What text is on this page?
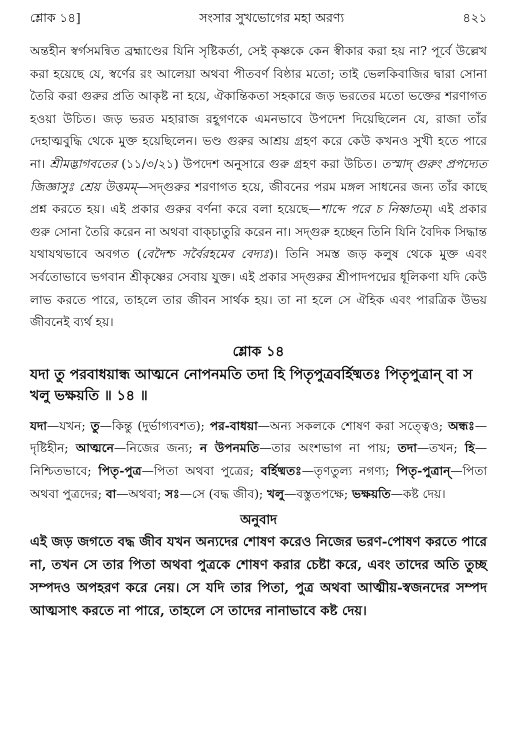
শ্লোক ১৪]	সংসার সুখভোগের মহা অরণ্য	৪২১

অন্তহীন স্বর্গসমন্বিত ব্রহ্মাণ্ডের যিনি সৃষ্টিকর্তা, সেই কৃষ্ণকে কেন স্বীকার করা হয় না? পূর্বে উল্লেখ করা হয়েছে যে, স্বর্ণের রং আলেয়া অথবা পীতবর্ণ বিষ্ঠার মতো; তাই ভেলকিবাজির দ্বারা সোনা তৈরি করা গুরুর প্রতি আকৃষ্ট না হয়ে, ঐকান্তিকতা সহকারে জড় ভরতের মতো ভক্তের শরণাগত হওয়া উচিত। জড় ভরত মহারাজ রহূগণকে এমনভাবে উপদেশ দিয়েছিলেন যে, রাজা তাঁর দেহাত্মবুদ্ধি থেকে মুক্ত হয়েছিলেন। ভণ্ড গুরুর আশ্রয় গ্রহণ করে কেউ কখনও সুখী হতে পারে না। শ্রীমদ্ভাগবতের (১১/৩/২১) উপদেশ অনুসারে গুরু গ্রহণ করা উচিত। তস্মাদ্ গুরুং প্রপদ্যেত জিজ্ঞাসুঃ শ্রেয় উত্তমম্—সদ্গুরুর শরণাগত হয়ে, জীবনের পরম মঙ্গল সাধনের জন্য তাঁর কাছে প্রশ্ন করতে হয়। এই প্রকার গুরুর বর্ণনা করে বলা হয়েছে—শাব্দে পরে চ নিষ্ণাতম্। এই প্রকার গুরু সোনা তৈরি করেন না অথবা বাক্চাতুরি করেন না। সদ্গুরু হচ্ছেন তিনি যিনি বৈদিক সিদ্ধান্ত যথাযথভাবে অবগত (বেদৈশ্চ সর্বৈরহমেব বেদ্যঃ)। তিনি সমস্ত জড় কলুষ থেকে মুক্ত এবং সর্বতোভাবে ভগবান শ্রীকৃষ্ণের সেবায় যুক্ত। এই প্রকার সদ্গুরুর শ্রীপাদপদ্মের ধূলিকণা যদি কেউ লাভ করতে পারে, তাহলে তার জীবন সার্থক হয়। তা না হলে সে ঐহিক এবং পারত্রিক উভয় জীবনেই ব্যর্থ হয়।

শ্লোক ১৪
যদা তু পরবাধয়ান্ধ আত্মনে নোপনমতি তদা হি পিতৃপুত্রবর্হিষ্মতঃ পিতৃপুত্রান্ বা স খলু ভক্ষয়তি ॥ ১৪ ॥

যদা—যখন; তু—কিন্তু (দুর্ভাগ্যবশত); পর-বাধয়া—অন্য সকলকে শোষণ করা সত্ত্বেও; অন্ধঃ—দৃষ্টিহীন; আত্মনে—নিজের জন্য; ন উপনমতি—তার অংশভাগ না পায়; তদা—তখন; হি—নিশ্চিতভাবে; পিতৃ-পুত্র—পিতা অথবা পুত্রের; বর্হিষ্মতঃ—তৃণতুল্য নগণ্য; পিতৃ-পুত্রান্—পিতা অথবা পুত্রদের; বা—অথবা; সঃ—সে (বদ্ধ জীব); খলু—বস্তুতপক্ষে; ভক্ষয়তি—কষ্ট দেয়।

অনুবাদ

এই জড় জগতে বদ্ধ জীব যখন অন্যদের শোষণ করেও নিজের ভরণ-পোষণ করতে পারে না, তখন সে তার পিতা অথবা পুত্রকে শোষণ করার চেষ্টা করে, এবং তাদের অতি তুচ্ছ সম্পদও অপহরণ করে নেয়। সে যদি তার পিতা, পুত্র অথবা আত্মীয়-স্বজনদের সম্পদ আত্মসাৎ করতে না পারে, তাহলে সে তাদের নানাভাবে কষ্ট দেয়।
